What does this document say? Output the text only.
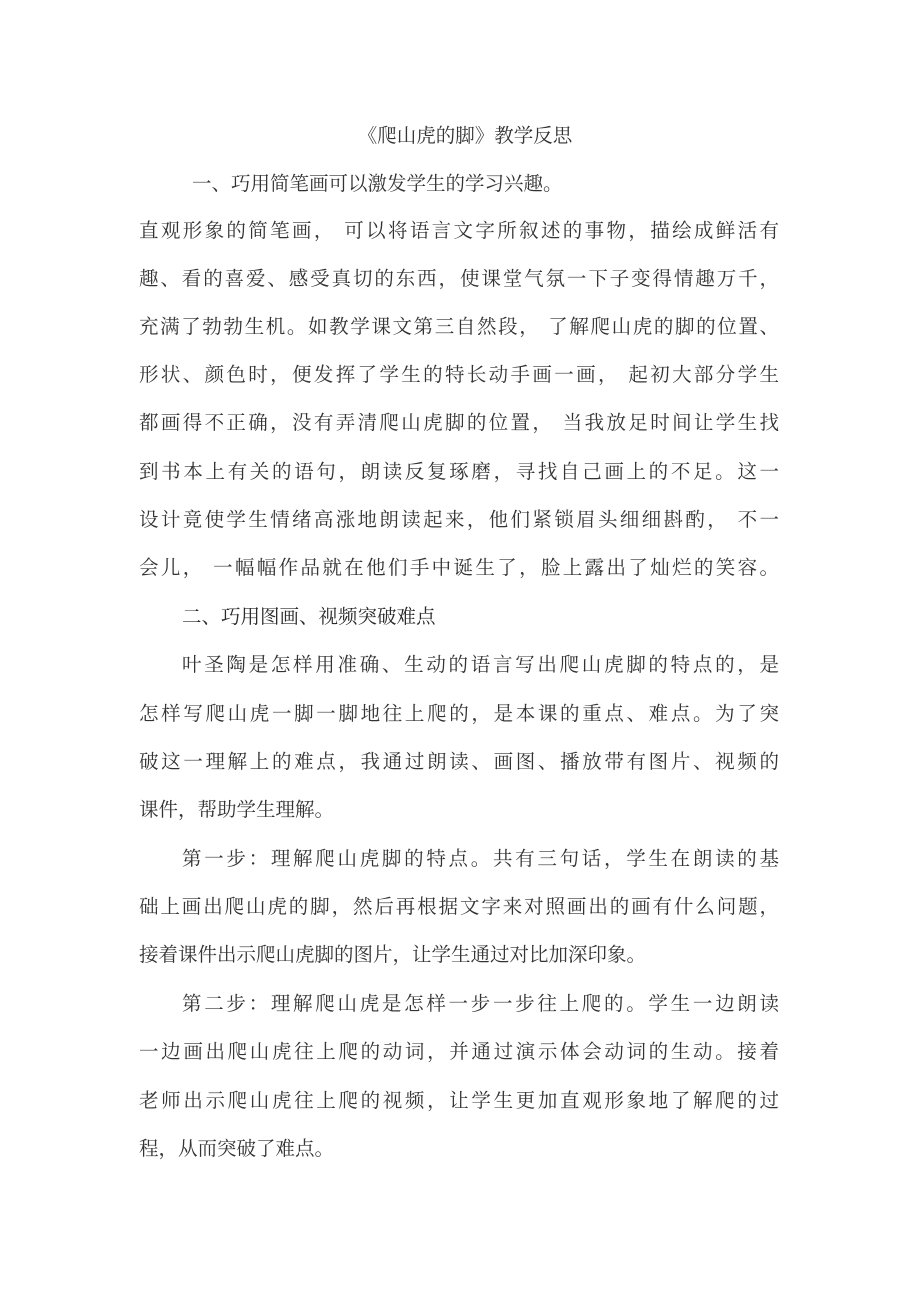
《爬山虎的脚》教学反思
一、巧用简笔画可以激发学生的学习兴趣。
直观形象的简笔画， 可以将语言文字所叙述的事物，描绘成鲜活有
趣、看的喜爱、感受真切的东西，使课堂气氛一下子变得情趣万千，
充满了勃勃生机。如教学课文第三自然段， 了解爬山虎的脚的位置、
形状、颜色时，便发挥了学生的特长动手画一画， 起初大部分学生
都画得不正确，没有弄清爬山虎脚的位置， 当我放足时间让学生找
到书本上有关的语句，朗读反复琢磨，寻找自己画上的不足。这一
设计竟使学生情绪高涨地朗读起来，他们紧锁眉头细细斟酌， 不一
会儿， 一幅幅作品就在他们手中诞生了，脸上露出了灿烂的笑容。
二、巧用图画、视频突破难点
叶圣陶是怎样用准确、生动的语言写出爬山虎脚的特点的，是
怎样写爬山虎一脚一脚地往上爬的，是本课的重点、难点。为了突
破这一理解上的难点，我通过朗读、画图、播放带有图片、视频的
课件，帮助学生理解。
第一步：理解爬山虎脚的特点。共有三句话，学生在朗读的基
础上画出爬山虎的脚，然后再根据文字来对照画出的画有什么问题，
接着课件出示爬山虎脚的图片，让学生通过对比加深印象。
第二步：理解爬山虎是怎样一步一步往上爬的。学生一边朗读
一边画出爬山虎往上爬的动词，并通过演示体会动词的生动。接着
老师出示爬山虎往上爬的视频，让学生更加直观形象地了解爬的过
程，从而突破了难点。
